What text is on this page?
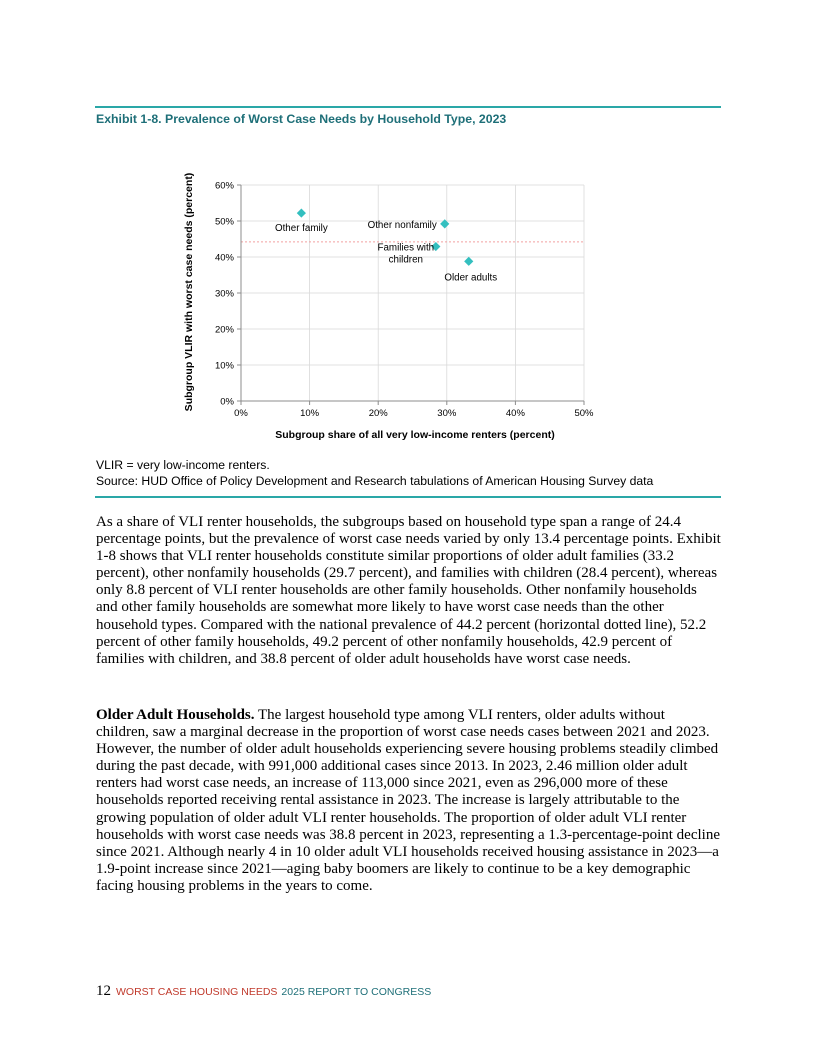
Exhibit 1-8. Prevalence of Worst Case Needs by Household Type, 2023
0%
10%
20%
30%
40%
50%
60%
0%	10%	20%	30%	40%	50%
Other family	Other nonfamily
Families with children
Older adults
Subgroup VLIR with worst case needs (percent)
Subgroup share of all very low-income renters (percent)
VLIR = very low-income renters.
Source: HUD Office of Policy Development and Research tabulations of American Housing Survey data

As a share of VLI renter households, the subgroups based on household type span a range of 24.4 percentage points, but the prevalence of worst case needs varied by only 13.4 percentage points. Exhibit 1-8 shows that VLI renter households constitute similar proportions of older adult families (33.2 percent), other nonfamily households (29.7 percent), and families with children (28.4 percent), whereas only 8.8 percent of VLI renter households are other family households. Other nonfamily households and other family households are somewhat more likely to have worst case needs than the other household types. Compared with the national prevalence of 44.2 percent (horizontal dotted line), 52.2 percent of other family households, 49.2 percent of other nonfamily households, 42.9 percent of families with children, and 38.8 percent of older adult households have worst case needs.

Older Adult Households. The largest household type among VLI renters, older adults without children, saw a marginal decrease in the proportion of worst case needs cases between 2021 and 2023. However, the number of older adult households experiencing severe housing problems steadily climbed during the past decade, with 991,000 additional cases since 2013. In 2023, 2.46 million older adult renters had worst case needs, an increase of 113,000 since 2021, even as 296,000 more of these households reported receiving rental assistance in 2023. The increase is largely attributable to the growing population of older adult VLI renter households. The proportion of older adult VLI renter households with worst case needs was 38.8 percent in 2023, representing a 1.3-percentage-point decline since 2021. Although nearly 4 in 10 older adult VLI households received housing assistance in 2023—a 1.9-point increase since 2021—aging baby boomers are likely to continue to be a key demographic facing housing problems in the years to come.

12 WORST CASE HOUSING NEEDS 2025 REPORT TO CONGRESS
